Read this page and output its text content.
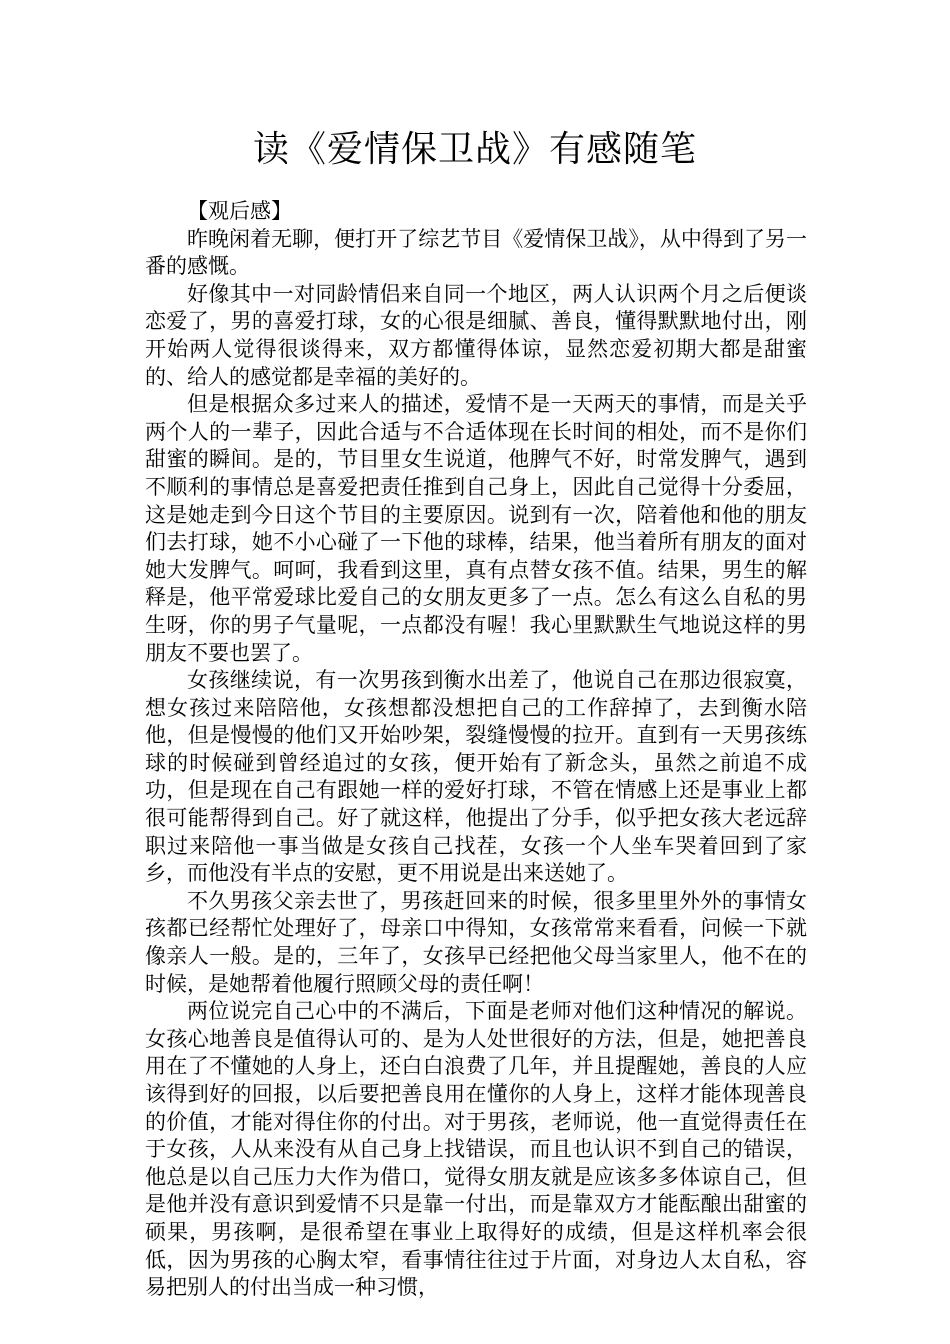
读《爱情保卫战》有感随笔

【观后感】

昨晚闲着无聊，便打开了综艺节目《爱情保卫战》，从中得到了另一番的感慨。

好像其中一对同龄情侣来自同一个地区，两人认识两个月之后便谈恋爱了，男的喜爱打球，女的心很是细腻、善良，懂得默默地付出，刚开始两人觉得很谈得来，双方都懂得体谅，显然恋爱初期大都是甜蜜的、给人的感觉都是幸福的美好的。

但是根据众多过来人的描述，爱情不是一天两天的事情，而是关乎两个人的一辈子，因此合适与不合适体现在长时间的相处，而不是你们甜蜜的瞬间。是的，节目里女生说道，他脾气不好，时常发脾气，遇到不顺利的事情总是喜爱把责任推到自己身上，因此自己觉得十分委屈，这是她走到今日这个节目的主要原因。说到有一次，陪着他和他的朋友们去打球，她不小心碰了一下他的球棒，结果，他当着所有朋友的面对她大发脾气。呵呵，我看到这里，真有点替女孩不值。结果，男生的解释是，他平常爱球比爱自己的女朋友更多了一点。怎么有这么自私的男生呀，你的男子气量呢，一点都没有喔！我心里默默生气地说这样的男朋友不要也罢了。

女孩继续说，有一次男孩到衡水出差了，他说自己在那边很寂寞，想女孩过来陪陪他，女孩想都没想把自己的工作辞掉了，去到衡水陪他，但是慢慢的他们又开始吵架，裂缝慢慢的拉开。直到有一天男孩练球的时候碰到曾经追过的女孩，便开始有了新念头，虽然之前追不成功，但是现在自己有跟她一样的爱好打球，不管在情感上还是事业上都很可能帮得到自己。好了就这样，他提出了分手，似乎把女孩大老远辞职过来陪他一事当做是女孩自己找茬，女孩一个人坐车哭着回到了家乡，而他没有半点的安慰，更不用说是出来送她了。

不久男孩父亲去世了，男孩赶回来的时候，很多里里外外的事情女孩都已经帮忙处理好了，母亲口中得知，女孩常常来看看，问候一下就像亲人一般。是的，三年了，女孩早已经把他父母当家里人，他不在的时候，是她帮着他履行照顾父母的责任啊！

两位说完自己心中的不满后，下面是老师对他们这种情况的解说。女孩心地善良是值得认可的、是为人处世很好的方法，但是，她把善良用在了不懂她的人身上，还白白浪费了几年，并且提醒她，善良的人应该得到好的回报，以后要把善良用在懂你的人身上，这样才能体现善良的价值，才能对得住你的付出。对于男孩，老师说，他一直觉得责任在于女孩，人从来没有从自己身上找错误，而且也认识不到自己的错误，他总是以自己压力大作为借口，觉得女朋友就是应该多多体谅自己，但是他并没有意识到爱情不只是靠一付出，而是靠双方才能酝酿出甜蜜的硕果，男孩啊，是很希望在事业上取得好的成绩，但是这样机率会很低，因为男孩的心胸太窄，看事情往往过于片面，对身边人太自私，容易把别人的付出当成一种习惯，
